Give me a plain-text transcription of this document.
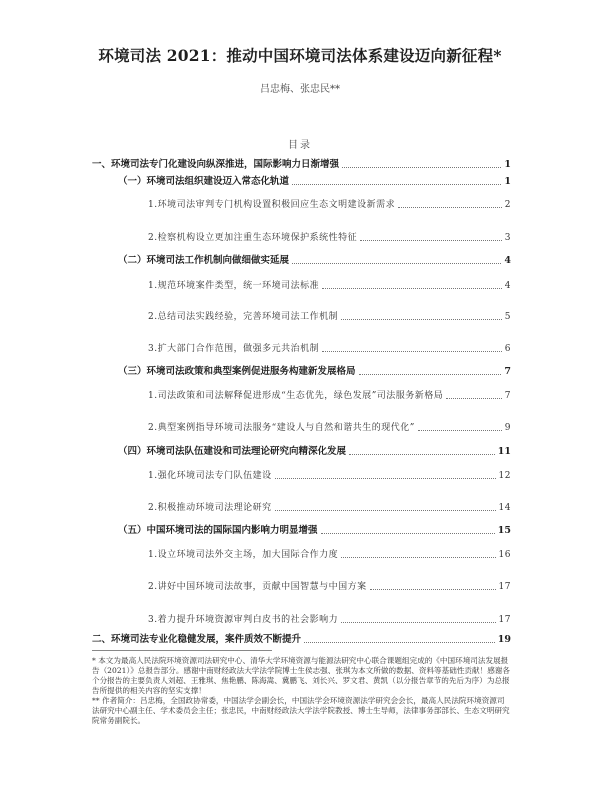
环境司法 2021：推动中国环境司法体系建设迈向新征程*
吕忠梅、张忠民**
目录
一、环境司法专门化建设向纵深推进，国际影响力日渐增强	1
（一）环境司法组织建设迈入常态化轨道	1
1.环境司法审判专门机构设置积极回应生态文明建设新需求	2
2.检察机构设立更加注重生态环境保护系统性特征	3
（二）环境司法工作机制向做细做实延展	4
1.规范环境案件类型，统一环境司法标准	4
2.总结司法实践经验，完善环境司法工作机制	5
3.扩大部门合作范围，做强多元共治机制	6
（三）环境司法政策和典型案例促进服务构建新发展格局	7
1.司法政策和司法解释促进形成“生态优先，绿色发展”司法服务新格局	7
2.典型案例指导环境司法服务“建设人与自然和谐共生的现代化”	9
（四）环境司法队伍建设和司法理论研究向精深化发展	11
1.强化环境司法专门队伍建设	12
2.积极推动环境司法理论研究	14
（五）中国环境司法的国际国内影响力明显增强	15
1.设立环境司法外交主场，加大国际合作力度	16
2.讲好中国环境司法故事，贡献中国智慧与中国方案	17
3.着力提升环境资源审判白皮书的社会影响力	17
二、环境司法专业化稳健发展，案件质效不断提升	19

* 本文为最高人民法院环境资源司法研究中心、清华大学环境资源与能源法研究中心联合课题组完成的《中国环境司法发展报告（2021）》总报告部分。感谢中南财经政法大学法学院博士生侯志强、张琪为本文所做的数据、资料等基础性贡献！感谢各个分报告的主要负责人刘超、王雅琪、焦艳鹏、陈海嵩、冀鹏飞、刘长兴、罗文君、黄凯（以分报告章节的先后为序）为总报告所提供的相关内容的坚实支撑！

** 作者简介：吕忠梅，全国政协常委，中国法学会副会长，中国法学会环境资源法学研究会会长，最高人民法院环境资源司法研究中心副主任、学术委员会主任；张忠民，中南财经政法大学法学院教授、博士生导师，法律事务部部长、生态文明研究院常务副院长。
